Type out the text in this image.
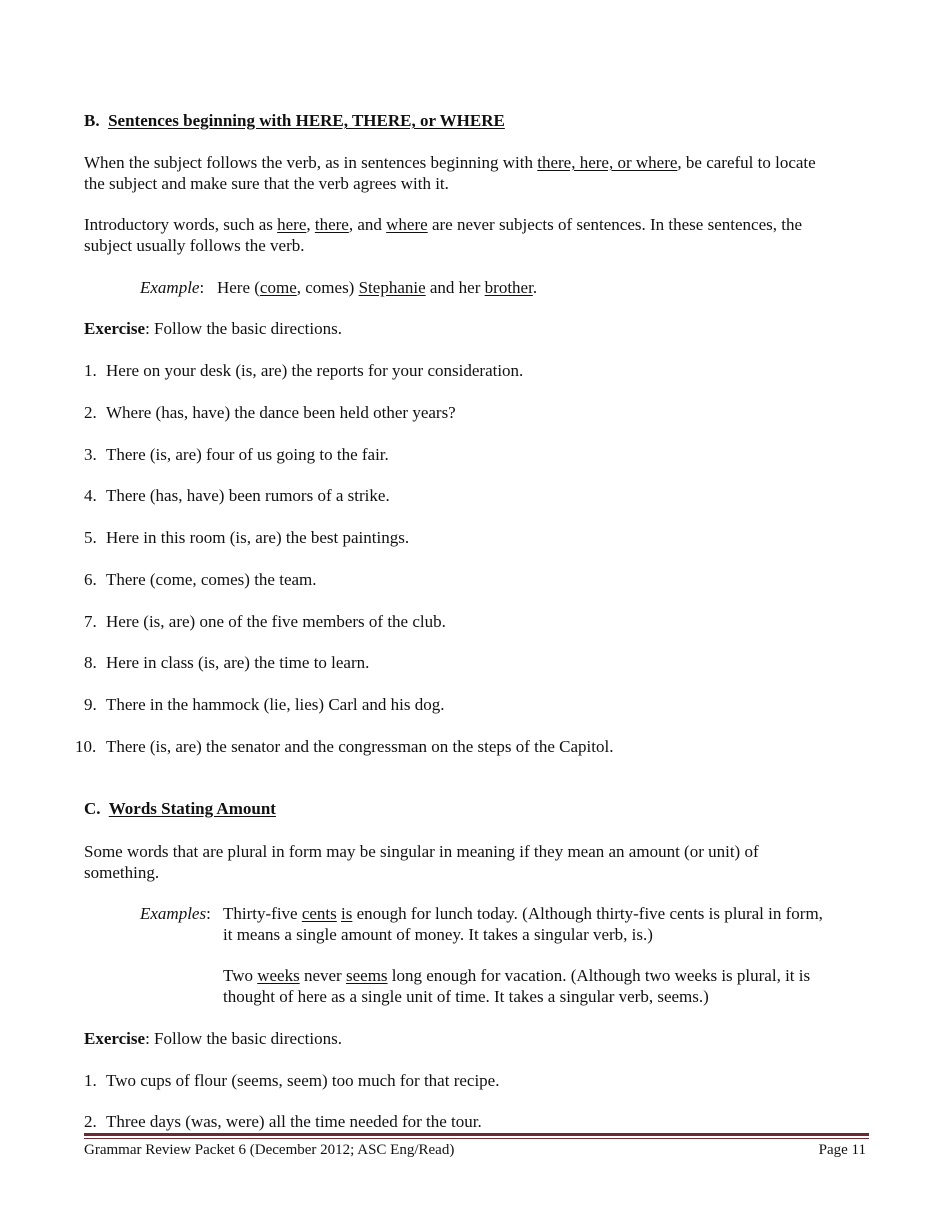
B. Sentences beginning with HERE, THERE, or WHERE
When the subject follows the verb, as in sentences beginning with there, here, or where, be careful to locate
the subject and make sure that the verb agrees with it.
Introductory words, such as here, there, and where are never subjects of sentences. In these sentences, the
subject usually follows the verb.
Example: Here (come, comes) Stephanie and her brother.
Exercise: Follow the basic directions.
1. Here on your desk (is, are) the reports for your consideration.
2. Where (has, have) the dance been held other years?
3. There (is, are) four of us going to the fair.
4. There (has, have) been rumors of a strike.
5. Here in this room (is, are) the best paintings.
6. There (come, comes) the team.
7. Here (is, are) one of the five members of the club.
8. Here in class (is, are) the time to learn.
9. There in the hammock (lie, lies) Carl and his dog.
10. There (is, are) the senator and the congressman on the steps of the Capitol.
C. Words Stating Amount
Some words that are plural in form may be singular in meaning if they mean an amount (or unit) of
something.
Examples: Thirty-five cents is enough for lunch today. (Although thirty-five cents is plural in form,
it means a single amount of money. It takes a singular verb, is.)
Two weeks never seems long enough for vacation. (Although two weeks is plural, it is
thought of here as a single unit of time. It takes a singular verb, seems.)
Exercise: Follow the basic directions.
1. Two cups of flour (seems, seem) too much for that recipe.
2. Three days (was, were) all the time needed for the tour.
Grammar Review Packet 6 (December 2012; ASC Eng/Read)	Page 11
